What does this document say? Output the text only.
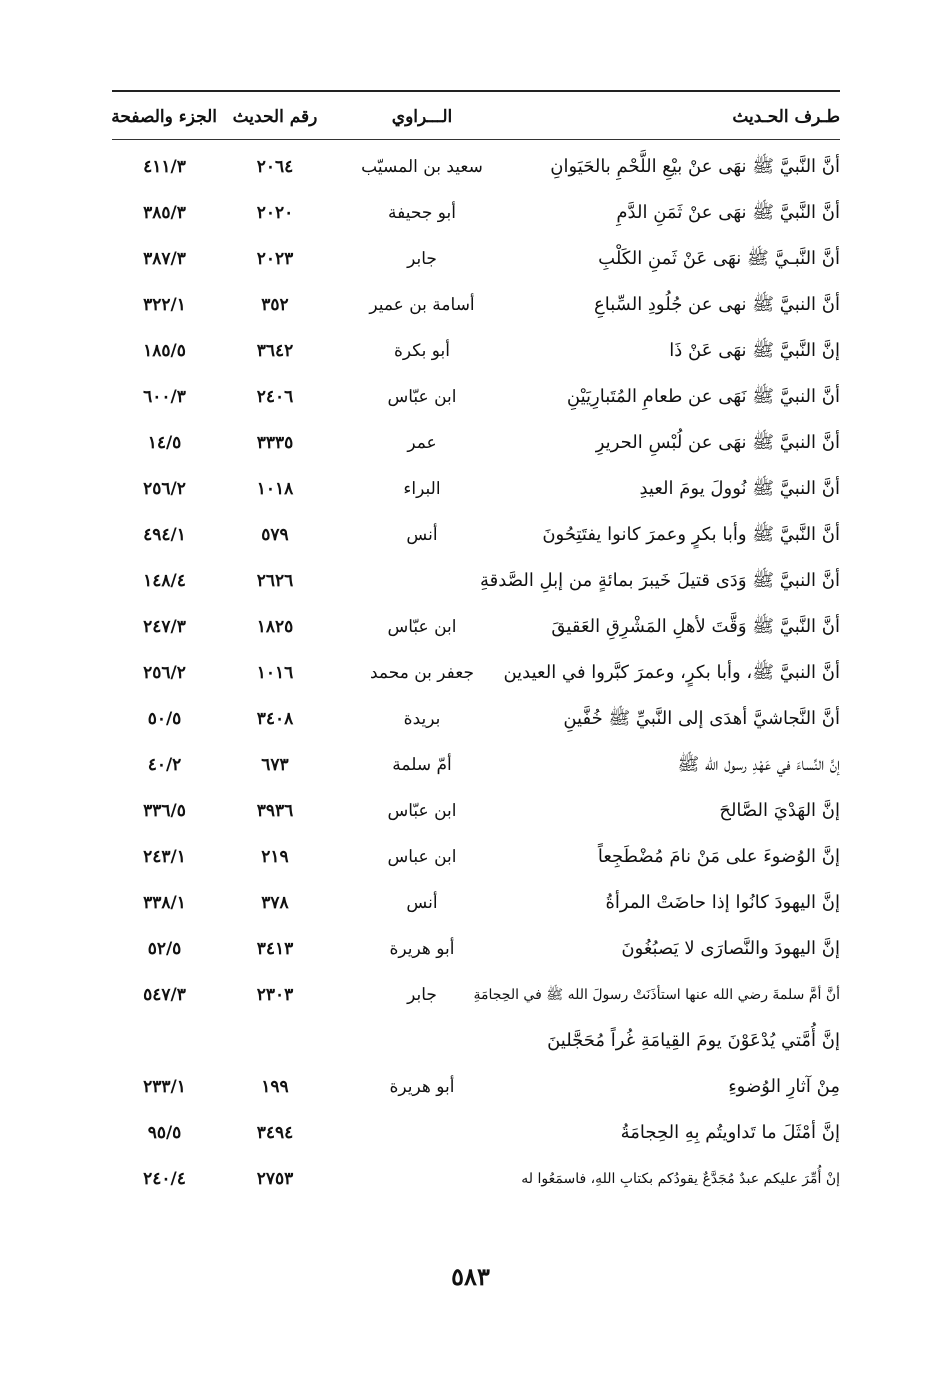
طـرف الحـديث
الـــراوي
رقم الحديث
الجزء والصفحة
أنَّ النَّبيَّ ﷺ نهَى عنْ بيْعِ اللَّحْمِ بالحَيَوانِ
سعيد بن المسيّب
٢٠٦٤
٤١١/٣
أنَّ النَّبيَّ ﷺ نهَى عنْ ثَمَنِ الدَّمِ
أبو جحيفة
٢٠٢٠
٣٨٥/٣
أنَّ النَّبـيَّ ﷺ نهَى عَنْ ثَمنِ الكَلْبِ
جابر
٢٠٢٣
٣٨٧/٣
أنَّ النبيَّ ﷺ نهى عن جُلُودِ السِّباعِ
أسامة بن عمير
٣٥٢
٣٢٢/١
إنَّ النَّبيَّ ﷺ نهَى عَنْ ذَا
أبو بكرة
٣٦٤٢
١٨٥/٥
أنَّ النبيَّ ﷺ نَهَى عن طعامِ المُتَبارِيَيْنِ
ابن عبّاس
٢٤٠٦
٦٠٠/٣
أنَّ النبيَّ ﷺ نهَى عن لُبْسِ الحريرِ
عمر
٣٣٣٥
١٤/٥
أنَّ النبيَّ ﷺ نُوولَ يومَ العيدِ
البراء
١٠١٨
٢٥٦/٢
أنَّ النَّبيَّ ﷺ وأبا بكرٍ وعمرَ كانوا يفتَتِحُونَ
أنس
٥٧٩
٤٩٤/١
أنَّ النبيَّ ﷺ وَدَى قتيلَ خَيبرَ بمائةٍ من إبلِ الصَّدقةِ
٢٦٢٦
١٤٨/٤
أنَّ النَّبيَّ ﷺ وَقَّتَ لأهلِ المَشْرِقِ العَقيقَ
ابن عبّاس
١٨٢٥
٢٤٧/٣
أنَّ النبيَّ ﷺ، وأبا بكرٍ، وعمرَ كبَّروا في العيدين
جعفر بن محمد
١٠١٦
٢٥٦/٢
أنَّ النَّجاشيَّ أهدَى إلى النَّبيِّ ﷺ خُفَّينِ
بريدة
٣٤٠٨
٥٠/٥
إنَّ النِّساءَ في عَهْدِ رسول الله ﷺ
أمّ سلمة
٦٧٣
٤٠/٢
إنَّ الهَدْيَ الصَّالحَ
ابن عبّاس
٣٩٣٦
٣٣٦/٥
إنَّ الوُضوءَ على مَنْ نامَ مُضْطَجِعاً
ابن عباس
٢١٩
٢٤٣/١
إنَّ اليهودَ كانُوا إذا حاضَتْ المرأةُ
أنس
٣٧٨
٣٣٨/١
إنَّ اليهودَ والنَّصارَى لا يَصبُغُونَ
أبو هريرة
٣٤١٣
٥٢/٥
أنَّ أمَّ سلمةَ رضي الله عنها استأذَنَتْ رسولَ الله ﷺ في الحِجامَةِ
جابر
٢٣٠٣
٥٤٧/٣
إنَّ أُمَّتي يُدْعَوْنَ يومَ القِيامَةِ غُراً مُحَجَّلينَ
مِنْ آثارِ الوُضوءِ
أبو هريرة
١٩٩
٢٣٣/١
إنَّ أمْثَلَ ما تَداويتُم بِهِ الحِجامَةُ
٣٤٩٤
٩٥/٥
إنْ أُمِّرَ عليكم عبدٌ مُجَدَّعٌ يقودُكم بكتابِ اللهِ، فاسمَعُوا له
٢٧٥٣
٢٤٠/٤
٥٨٣
